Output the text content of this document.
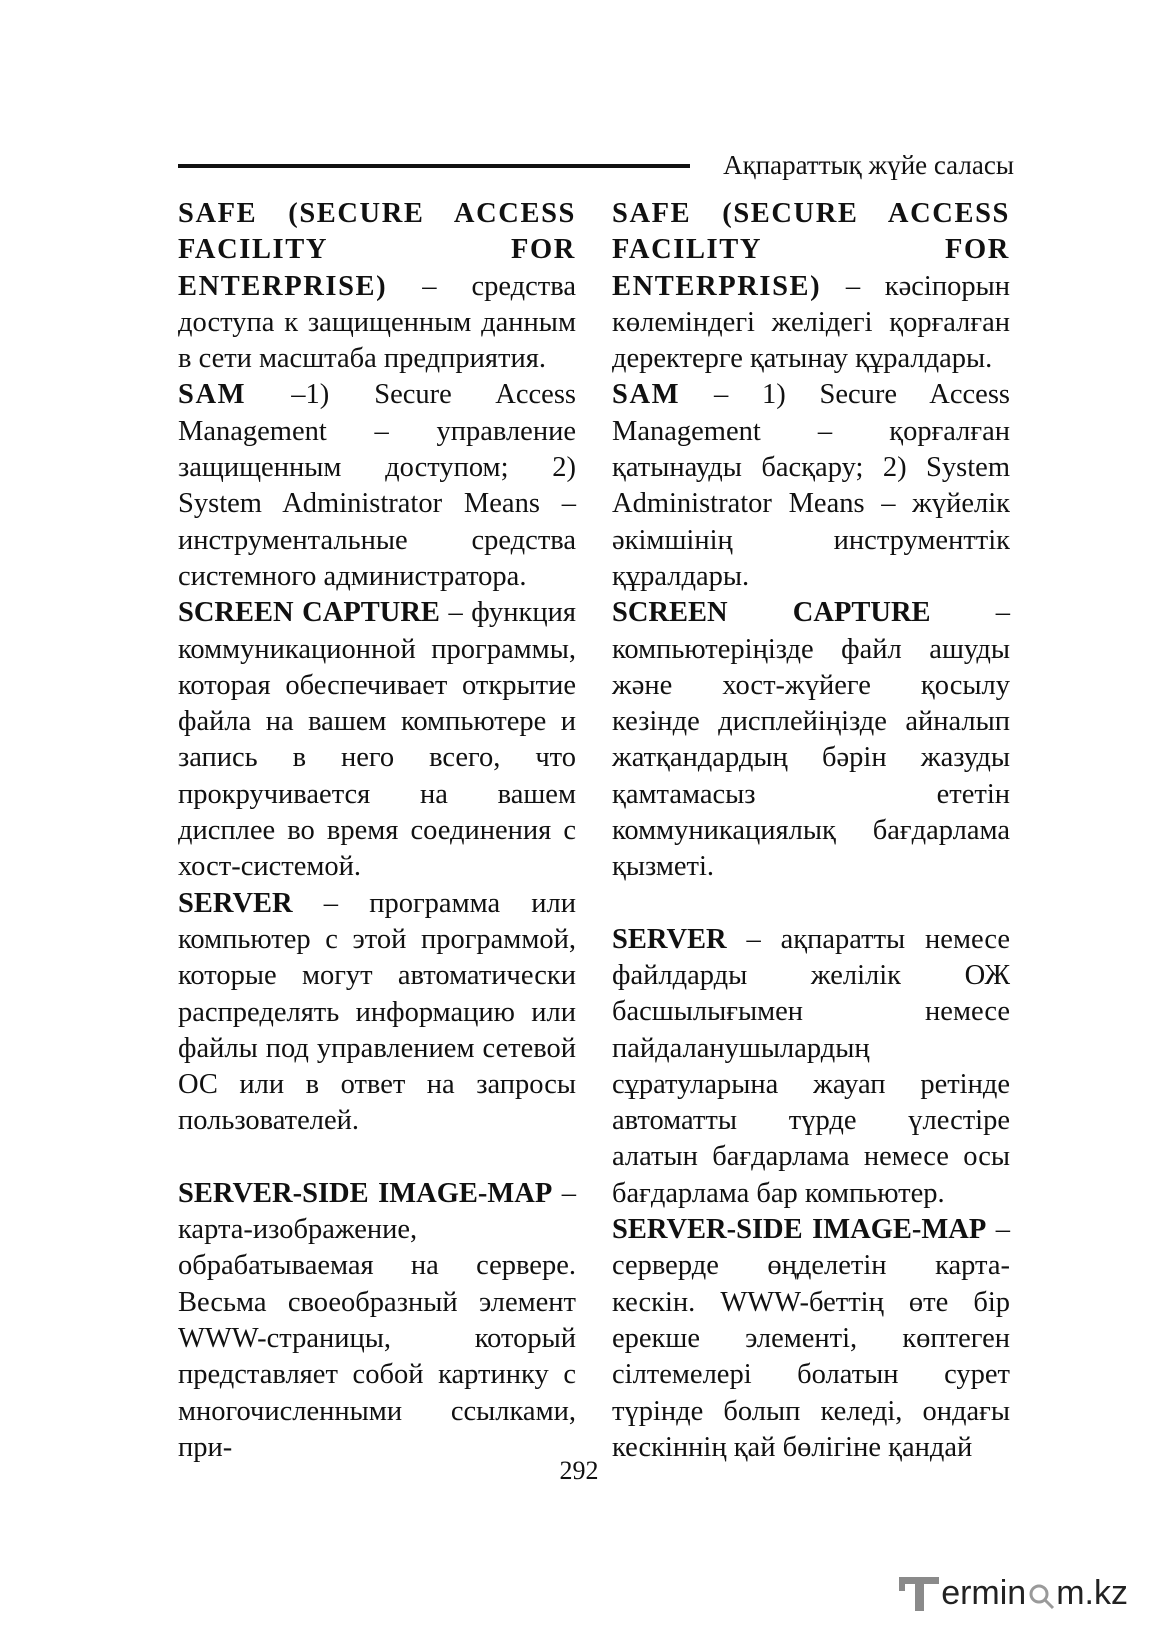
Ақпараттық жүйе саласы

SAFE (SECURE ACCESS FACILITY FOR ENTERPRISE) – средства доступа к защищенным данным в сети масштаба предприятия.

SAM –1) Secure Access Management – управление защищенным доступом; 2) System Administrator Means – инструментальные средства системного администратора.

SCREEN CAPTURE – функция коммуникационной программы, которая обеспечивает открытие файла на вашем компьютере и запись в него всего, что прокручивается на вашем дисплее во время соединения с хост-системой.

SERVER – программа или компьютер с этой программой, которые могут автоматически распределять информацию или файлы под управлением сетевой ОС или в ответ на запросы пользователей.

SERVER-SIDE IMAGE-MAP – карта-изображение, обрабатываемая на сервере. Весьма своеобразный элемент WWW-страницы, который представляет собой картинку с многочисленными ссылками, при-

SAFE (SECURE ACCESS FACILITY FOR ENTERPRISE) – кәсіпорын көлеміндегі желідегі қорғалған деректерге қатынау құралдары.

SAM – 1) Secure Access Management – қорғалған қатынауды басқару; 2) System Administrator Means – жүйелік әкімшінің инструменттік құралдары.

SCREEN CAPTURE – компьютеріңізде файл ашуды және хост-жүйеге қосылу кезінде дисплейіңізде айналып жатқандардың бәрін жазуды қамтамасыз ететін коммуникациялық бағдарлама қызметі.

SERVER – ақпаратты немесе файлдарды желілік ОЖ басшылығымен немесе пайдаланушылардың сұратуларына жауап ретінде автоматты түрде үлестіре алатын бағдарлама немесе осы бағдарлама бар компьютер.

SERVER-SIDE IMAGE-MAP – серверде өңделетін карта-кескін. WWW-беттің өте бір ерекше элементі, көптеген сілтемелері болатын сурет түрінде болып келеді, ондағы кескіннің қай бөлігіне қандай

292
ermin m.kz
